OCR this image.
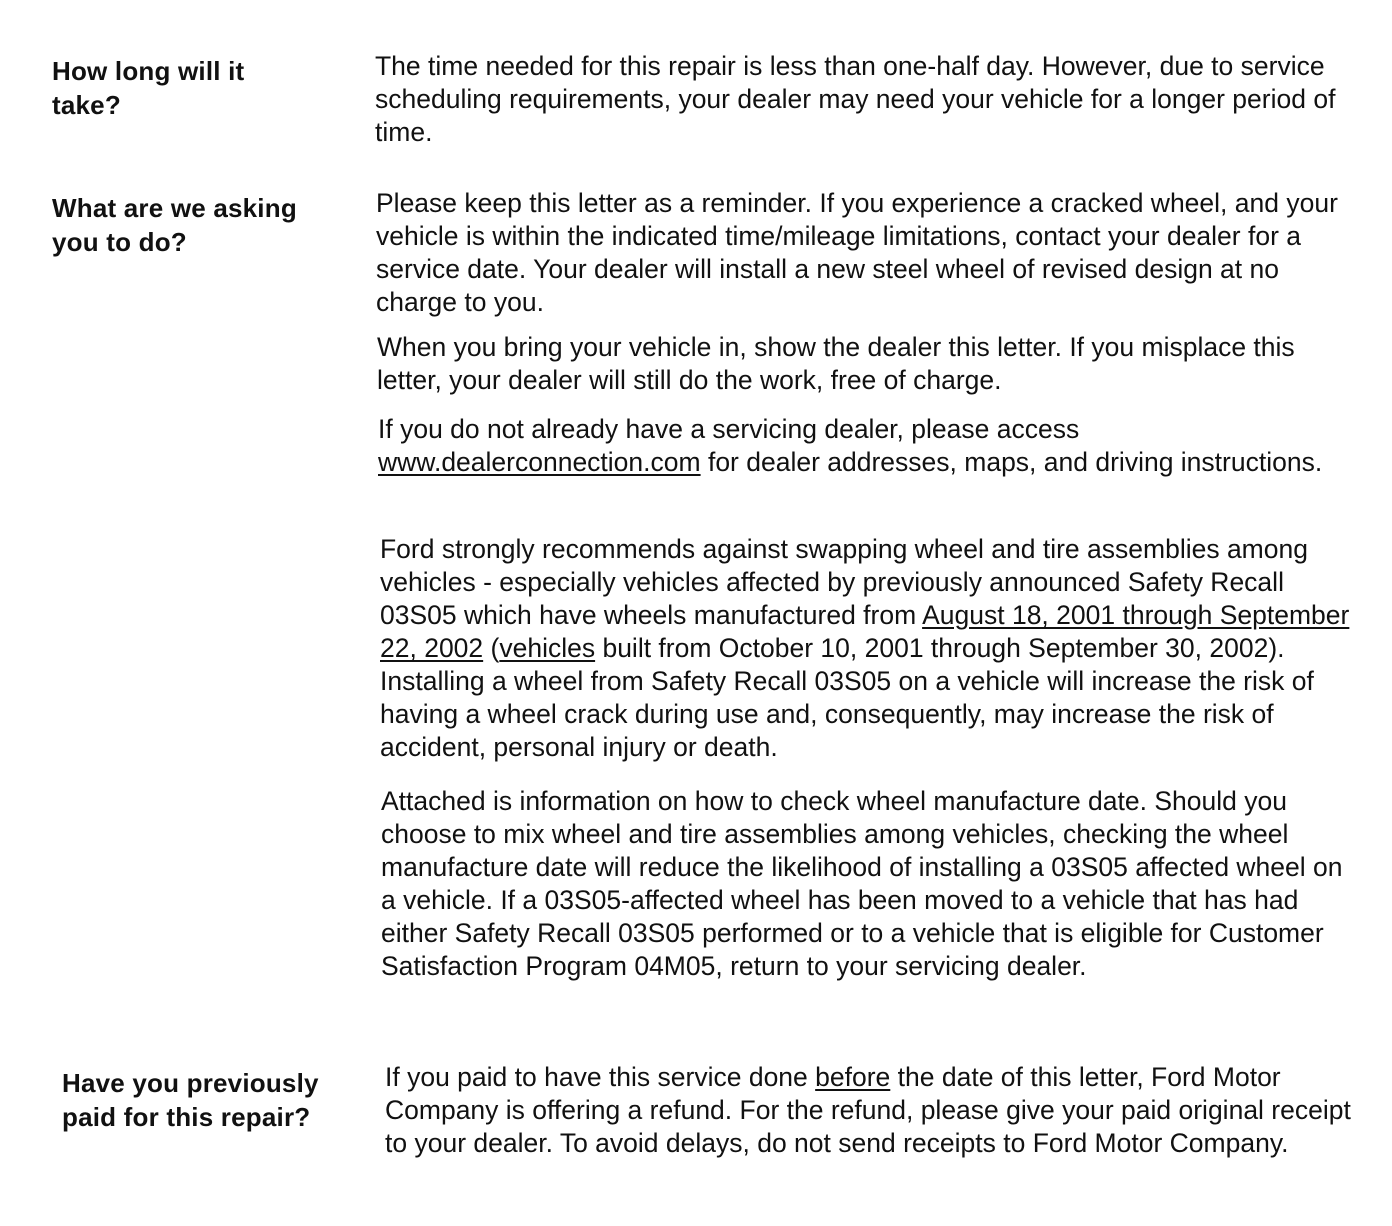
How long will it
take?

The time needed for this repair is less than one-half day. However, due to service scheduling requirements, your dealer may need your vehicle for a longer period of time.

What are we asking
you to do?

Please keep this letter as a reminder. If you experience a cracked wheel, and your vehicle is within the indicated time/mileage limitations, contact your dealer for a service date. Your dealer will install a new steel wheel of revised design at no charge to you.

When you bring your vehicle in, show the dealer this letter. If you misplace this letter, your dealer will still do the work, free of charge.

If you do not already have a servicing dealer, please access www.dealerconnection.com for dealer addresses, maps, and driving instructions.

Ford strongly recommends against swapping wheel and tire assemblies among vehicles - especially vehicles affected by previously announced Safety Recall 03S05 which have wheels manufactured from August 18, 2001 through September 22, 2002 (vehicles built from October 10, 2001 through September 30, 2002). Installing a wheel from Safety Recall 03S05 on a vehicle will increase the risk of having a wheel crack during use and, consequently, may increase the risk of accident, personal injury or death.

Attached is information on how to check wheel manufacture date. Should you choose to mix wheel and tire assemblies among vehicles, checking the wheel manufacture date will reduce the likelihood of installing a 03S05 affected wheel on a vehicle. If a 03S05-affected wheel has been moved to a vehicle that has had either Safety Recall 03S05 performed or to a vehicle that is eligible for Customer Satisfaction Program 04M05, return to your servicing dealer.

Have you previously
paid for this repair?

If you paid to have this service done before the date of this letter, Ford Motor Company is offering a refund. For the refund, please give your paid original receipt to your dealer. To avoid delays, do not send receipts to Ford Motor Company.
